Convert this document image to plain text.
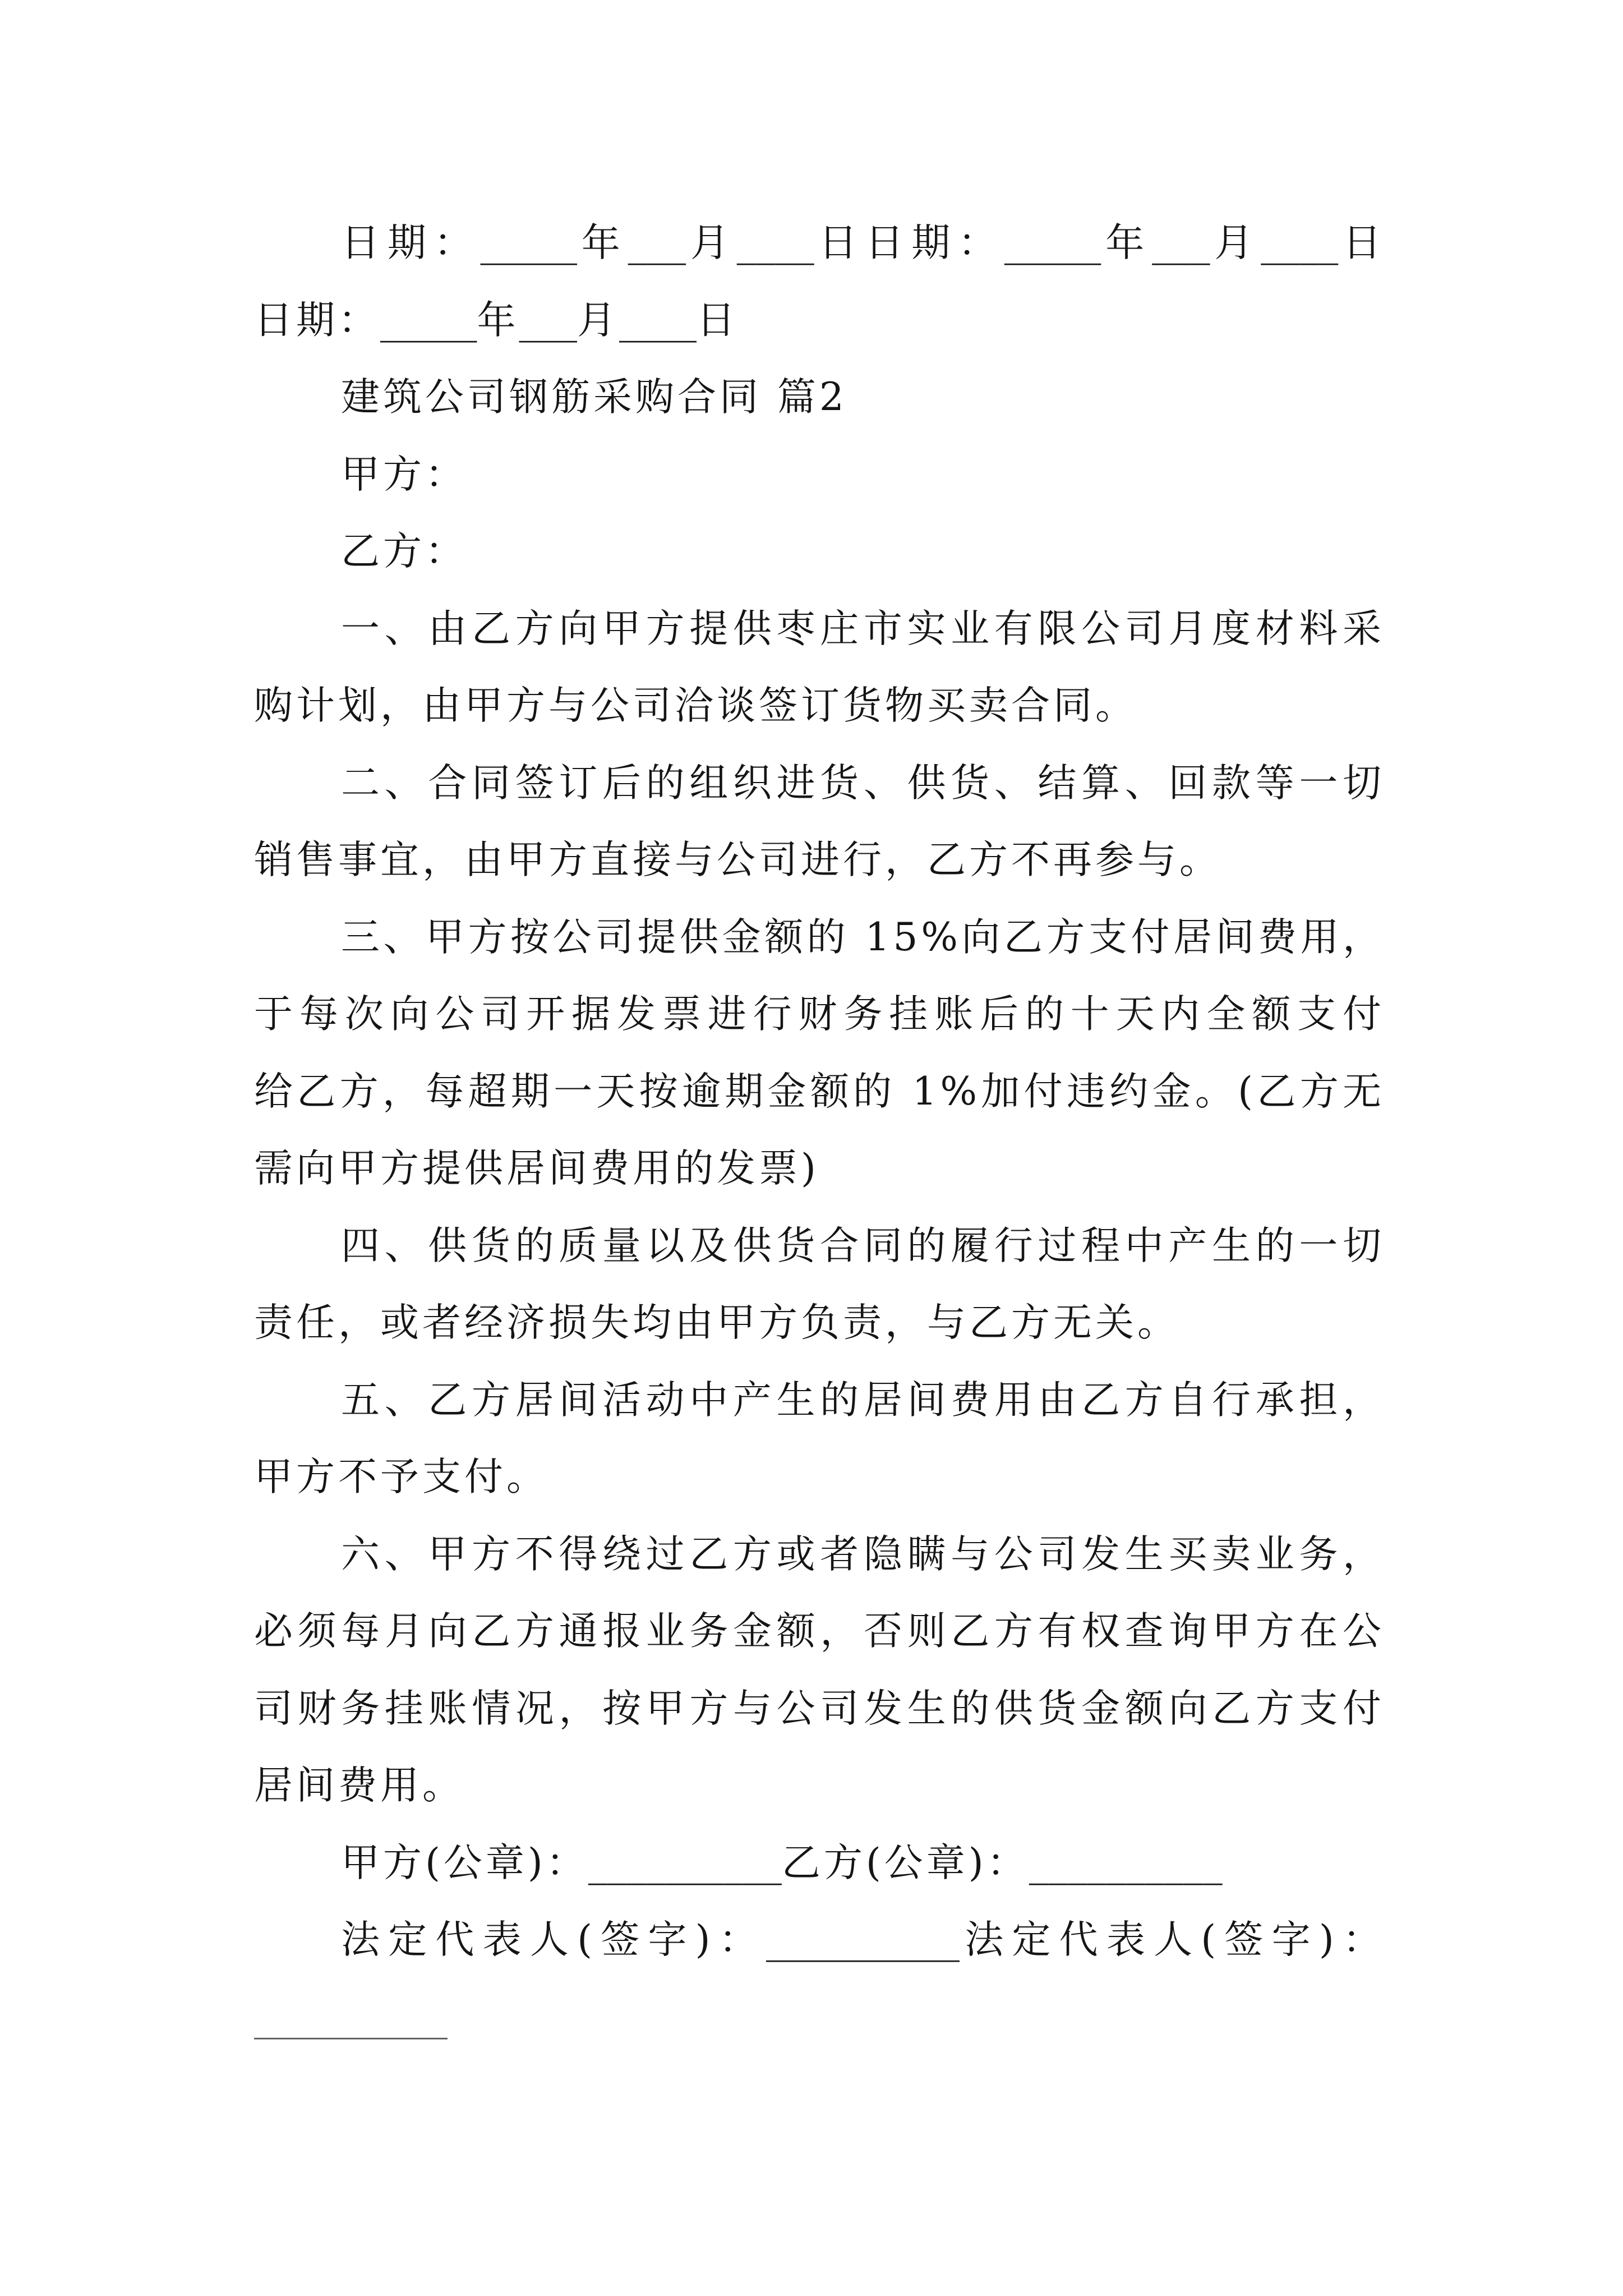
日期：_____年___月____日日期：_____年___月____日
日期：_____年___月____日
建筑公司钢筋采购合同 篇2
甲方：
乙方：
一、由乙方向甲方提供枣庄市实业有限公司月度材料采
购计划，由甲方与公司洽谈签订货物买卖合同。
二、合同签订后的组织进货、供货、结算、回款等一切
销售事宜，由甲方直接与公司进行，乙方不再参与。
三、甲方按公司提供金额的 15%向乙方支付居间费用，
于每次向公司开据发票进行财务挂账后的十天内全额支付
给乙方，每超期一天按逾期金额的 1%加付违约金。(乙方无
需向甲方提供居间费用的发票)
四、供货的质量以及供货合同的履行过程中产生的一切
责任，或者经济损失均由甲方负责，与乙方无关。
五、乙方居间活动中产生的居间费用由乙方自行承担，
甲方不予支付。
六、甲方不得绕过乙方或者隐瞒与公司发生买卖业务，
必须每月向乙方通报业务金额，否则乙方有权查询甲方在公
司财务挂账情况，按甲方与公司发生的供货金额向乙方支付
居间费用。
甲方(公章)：__________乙方(公章)：__________
法定代表人(签字)：__________法定代表人(签字)：
__________
